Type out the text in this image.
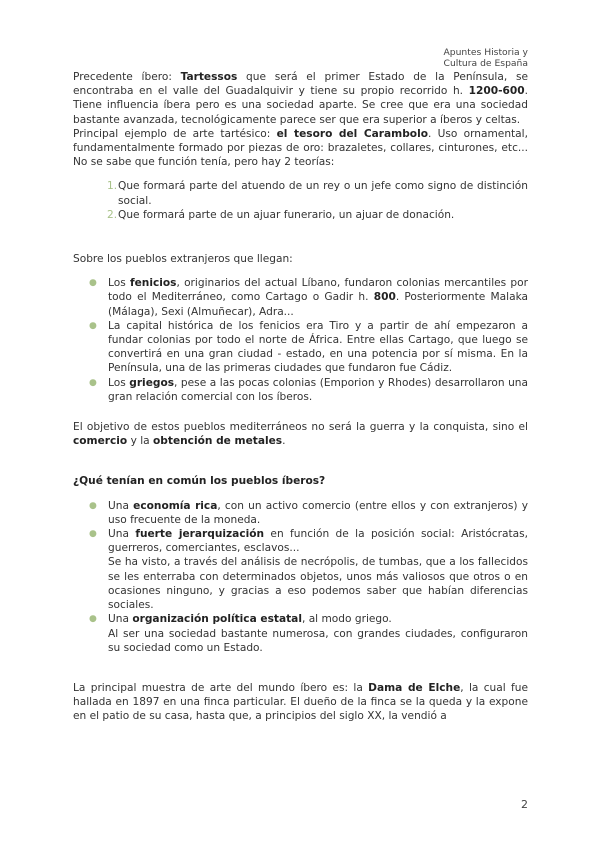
Apuntes Historia y
Cultura de España

Precedente íbero: Tartessos que será el primer Estado de la Península, se encontraba en el valle del Guadalquivir y tiene su propio recorrido h. 1200-600. Tiene influencia íbera pero es una sociedad aparte. Se cree que era una sociedad bastante avanzada, tecnológicamente parece ser que era superior a íberos y celtas.

Principal ejemplo de arte tartésico: el tesoro del Carambolo. Uso ornamental, fundamentalmente formado por piezas de oro: brazaletes, collares, cinturones, etc... No se sabe que función tenía, pero hay 2 teorías:

1. Que formará parte del atuendo de un rey o un jefe como signo de distinción social.
2. Que formará parte de un ajuar funerario, un ajuar de donación.

Sobre los pueblos extranjeros que llegan:

● Los fenicios, originarios del actual Líbano, fundaron colonias mercantiles por todo el Mediterráneo, como Cartago o Gadir h. 800. Posteriormente Malaka (Málaga), Sexi (Almuñecar), Adra...
● La capital histórica de los fenicios era Tiro y a partir de ahí empezaron a fundar colonias por todo el norte de África. Entre ellas Cartago, que luego se convertirá en una gran ciudad - estado, en una potencia por sí misma. En la Península, una de las primeras ciudades que fundaron fue Cádiz.
● Los griegos, pese a las pocas colonias (Emporion y Rhodes) desarrollaron una gran relación comercial con los íberos.

El objetivo de estos pueblos mediterráneos no será la guerra y la conquista, sino el comercio y la obtención de metales.

¿Qué tenían en común los pueblos íberos?

● Una economía rica, con un activo comercio (entre ellos y con extranjeros) y uso frecuente de la moneda.
● Una fuerte jerarquización en función de la posición social: Aristócratas, guerreros, comerciantes, esclavos...
Se ha visto, a través del análisis de necrópolis, de tumbas, que a los fallecidos se les enterraba con determinados objetos, unos más valiosos que otros o en ocasiones ninguno, y gracias a eso podemos saber que habían diferencias sociales.
● Una organización política estatal, al modo griego.
Al ser una sociedad bastante numerosa, con grandes ciudades, configuraron su sociedad como un Estado.

La principal muestra de arte del mundo íbero es: la Dama de Elche, la cual fue hallada en 1897 en una finca particular. El dueño de la finca se la queda y la expone en el patio de su casa, hasta que, a principios del siglo XX, la vendió a

2
